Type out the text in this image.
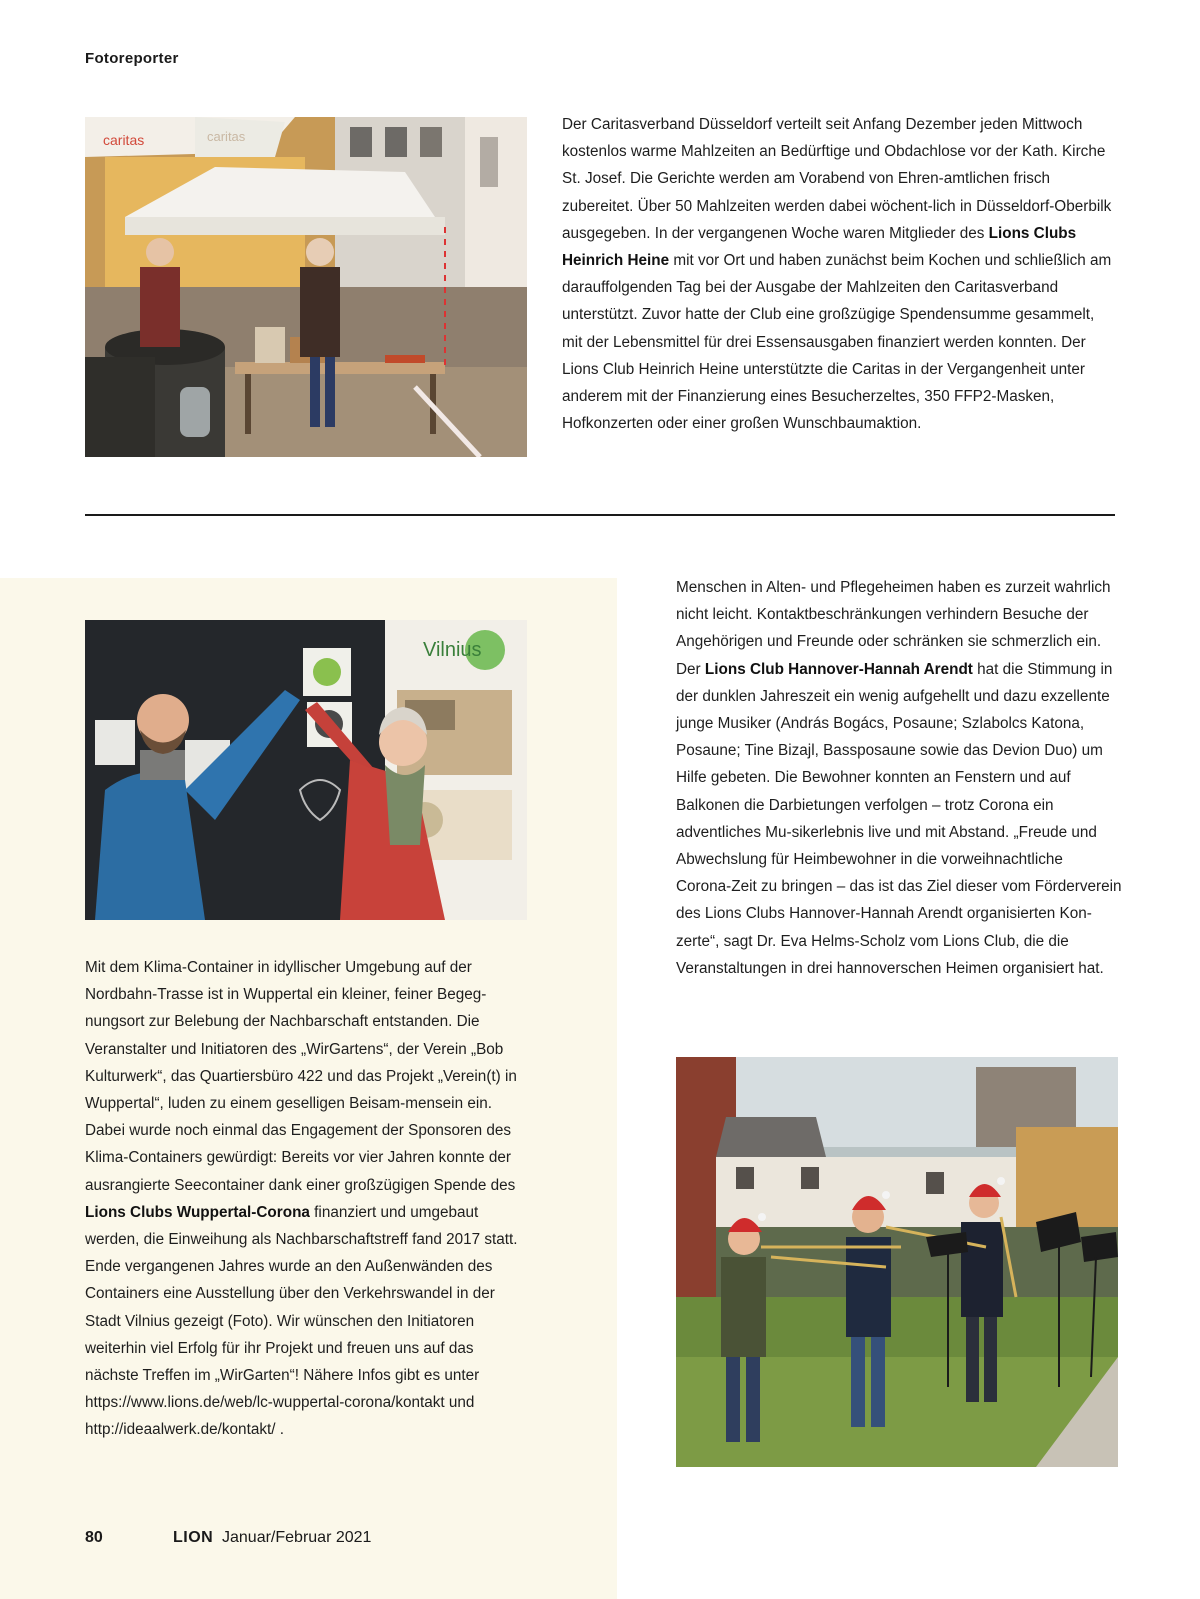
Fotoreporter
caritas	caritas

Der Caritasverband Düsseldorf verteilt seit Anfang Dezember jeden Mittwoch kostenlos warme Mahlzeiten an Bedürftige und Obdachlose vor der Kath. Kirche St. Josef. Die Gerichte werden am Vorabend von Ehren-amtlichen frisch zubereitet. Über 50 Mahlzeiten werden dabei wöchent-lich in Düsseldorf-Oberbilk ausgegeben. In der vergangenen Woche waren Mitglieder des Lions Clubs Heinrich Heine mit vor Ort und haben zunächst beim Kochen und schließlich am darauffolgenden Tag bei der Ausgabe der Mahlzeiten den Caritasverband unterstützt. Zuvor hatte der Club eine großzügige Spendensumme gesammelt, mit der Lebensmittel für drei Essensausgaben finanziert werden konnten. Der Lions Club Heinrich Heine unterstützte die Caritas in der Vergangenheit unter anderem mit der Finanzierung eines Besucherzeltes, 350 FFP2-Masken, Hofkonzerten oder einer großen Wunschbaumaktion.

Vilnius

Mit dem Klima-Container in idyllischer Umgebung auf der Nordbahn-Trasse ist in Wuppertal ein kleiner, feiner Begeg-nungsort zur Belebung der Nachbarschaft entstanden. Die Veranstalter und Initiatoren des „WirGartens“, der Verein „Bob Kulturwerk“, das Quartiersbüro 422 und das Projekt „Verein(t) in Wuppertal“, luden zu einem geselligen Beisam-mensein ein. Dabei wurde noch einmal das Engagement der Sponsoren des Klima-Containers gewürdigt: Bereits vor vier Jahren konnte der ausrangierte Seecontainer dank einer großzügigen Spende des Lions Clubs Wuppertal-Corona finanziert und umgebaut werden, die Einweihung als Nachbarschaftstreff fand 2017 statt. Ende vergangenen Jahres wurde an den Außenwänden des Containers eine Ausstellung über den Verkehrswandel in der Stadt Vilnius gezeigt (Foto). Wir wünschen den Initiatoren weiterhin viel Erfolg für ihr Projekt und freuen uns auf das nächste Treffen im „WirGarten“! Nähere Infos gibt es unter https://www.lions.de/web/lc-wuppertal-corona/kontakt und http://ideaalwerk.de/kontakt/ .

Menschen in Alten- und Pflegeheimen haben es zurzeit wahrlich nicht leicht. Kontaktbeschränkungen verhindern Besuche der Angehörigen und Freunde oder schränken sie schmerzlich ein. Der Lions Club Hannover-Hannah Arendt hat die Stimmung in der dunklen Jahreszeit ein wenig aufgehellt und dazu exzellente junge Musiker (András Bogács, Posaune; Szlabolcs Katona, Posaune; Tine Bizajl, Bassposaune sowie das Devion Duo) um Hilfe gebeten. Die Bewohner konnten an Fenstern und auf Balkonen die Darbietungen verfolgen – trotz Corona ein adventliches Mu-sikerlebnis live und mit Abstand. „Freude und Abwechslung für Heimbewohner in die vorweihnachtliche Corona-Zeit zu bringen – das ist das Ziel dieser vom Förderverein des Lions Clubs Hannover-Hannah Arendt organisierten Kon-zerte“, sagt Dr. Eva Helms-Scholz vom Lions Club, die die Veranstaltungen in drei hannoverschen Heimen organisiert hat.

80	LION Januar/Februar 2021
